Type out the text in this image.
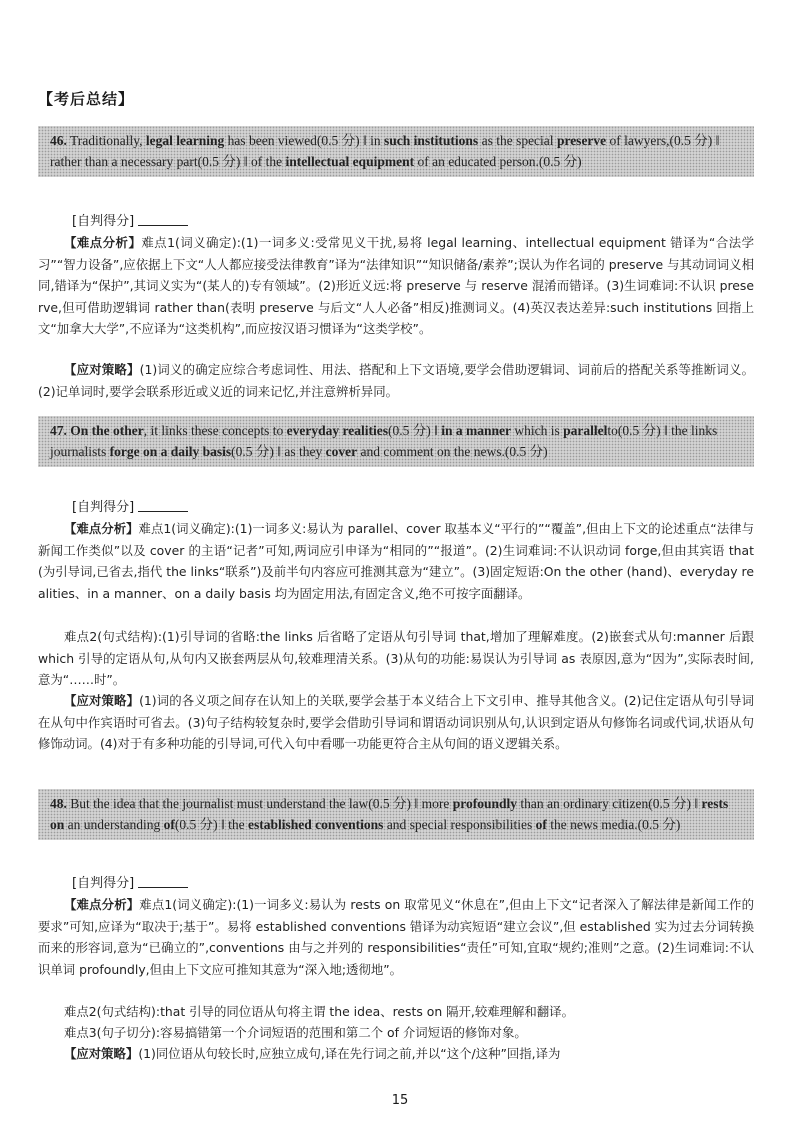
【考后总结】
46. Traditionally, legal learning has been viewed(0.5 分) ‖ in such institutions as the special preserve of lawyers,(0.5 分) ‖ rather than a necessary part(0.5 分) ‖ of the intellectual equipment of an educated person.(0.5 分)
[自判得分]
【难点分析】难点1(词义确定):(1)一词多义:受常见义干扰,易将 legal learning、intellectual equipment 错译为“合法学习”“智力设备”,应依据上下文“人人都应接受法律教育”译为“法律知识”“知识储备/素养”;误认为作名词的 preserve 与其动词词义相同,错译为“保护”,其词义实为“(某人的)专有领域”。(2)形近义远:将 preserve 与 reserve 混淆而错译。(3)生词难词:不认识 preserve,但可借助逻辑词 rather than(表明 preserve 与后文“人人必备”相反)推测词义。(4)英汉表达差异:such institutions 回指上文“加拿大大学”,不应译为“这类机构”,而应按汉语习惯译为“这类学校”。
【应对策略】(1)词义的确定应综合考虑词性、用法、搭配和上下文语境,要学会借助逻辑词、词前后的搭配关系等推断词义。(2)记单词时,要学会联系形近或义近的词来记忆,并注意辨析异同。
47. On the other, it links these concepts to everyday realities(0.5 分) ‖ in a manner which is parallelto(0.5 分) ‖ the links journalists forge on a daily basis(0.5 分) ‖ as they cover and comment on the news.(0.5 分)
[自判得分]
【难点分析】难点1(词义确定):(1)一词多义:易认为 parallel、cover 取基本义“平行的”“覆盖”,但由上下文的论述重点“法律与新闻工作类似”以及 cover 的主语“记者”可知,两词应引申译为“相同的”“报道”。(2)生词难词:不认识动词 forge,但由其宾语 that(为引导词,已省去,指代 the links“联系”)及前半句内容应可推测其意为“建立”。(3)固定短语:On the other (hand)、everyday realities、in a manner、on a daily basis 均为固定用法,有固定含义,绝不可按字面翻译。
难点2(句式结构):(1)引导词的省略:the links 后省略了定语从句引导词 that,增加了理解难度。(2)嵌套式从句:manner 后跟 which 引导的定语从句,从句内又嵌套两层从句,较难理清关系。(3)从句的功能:易误认为引导词 as 表原因,意为“因为”,实际表时间,意为“……时”。
【应对策略】(1)词的各义项之间存在认知上的关联,要学会基于本义结合上下文引申、推导其他含义。(2)记住定语从句引导词在从句中作宾语时可省去。(3)句子结构较复杂时,要学会借助引导词和谓语动词识别从句,认识到定语从句修饰名词或代词,状语从句修饰动词。(4)对于有多种功能的引导词,可代入句中看哪一功能更符合主从句间的语义逻辑关系。
48. But the idea that the journalist must understand the law(0.5 分) ‖ more profoundly than an ordinary citizen(0.5 分) ‖ rests on an understanding of(0.5 分) ‖ the established conventions and special responsibilities of the news media.(0.5 分)
[自判得分]
【难点分析】难点1(词义确定):(1)一词多义:易认为 rests on 取常见义“休息在”,但由上下文“记者深入了解法律是新闻工作的要求”可知,应译为“取决于;基于”。易将 established conventions 错译为动宾短语“建立会议”,但 established 实为过去分词转换而来的形容词,意为“已确立的”,conventions 由与之并列的 responsibilities“责任”可知,宜取“规约;准则”之意。(2)生词难词:不认识单词 profoundly,但由上下文应可推知其意为“深入地;透彻地”。
难点2(句式结构):that 引导的同位语从句将主谓 the idea、rests on 隔开,较难理解和翻译。
难点3(句子切分):容易搞错第一个介词短语的范围和第二个 of 介词短语的修饰对象。
【应对策略】(1)同位语从句较长时,应独立成句,译在先行词之前,并以“这个/这种”回指,译为
15
